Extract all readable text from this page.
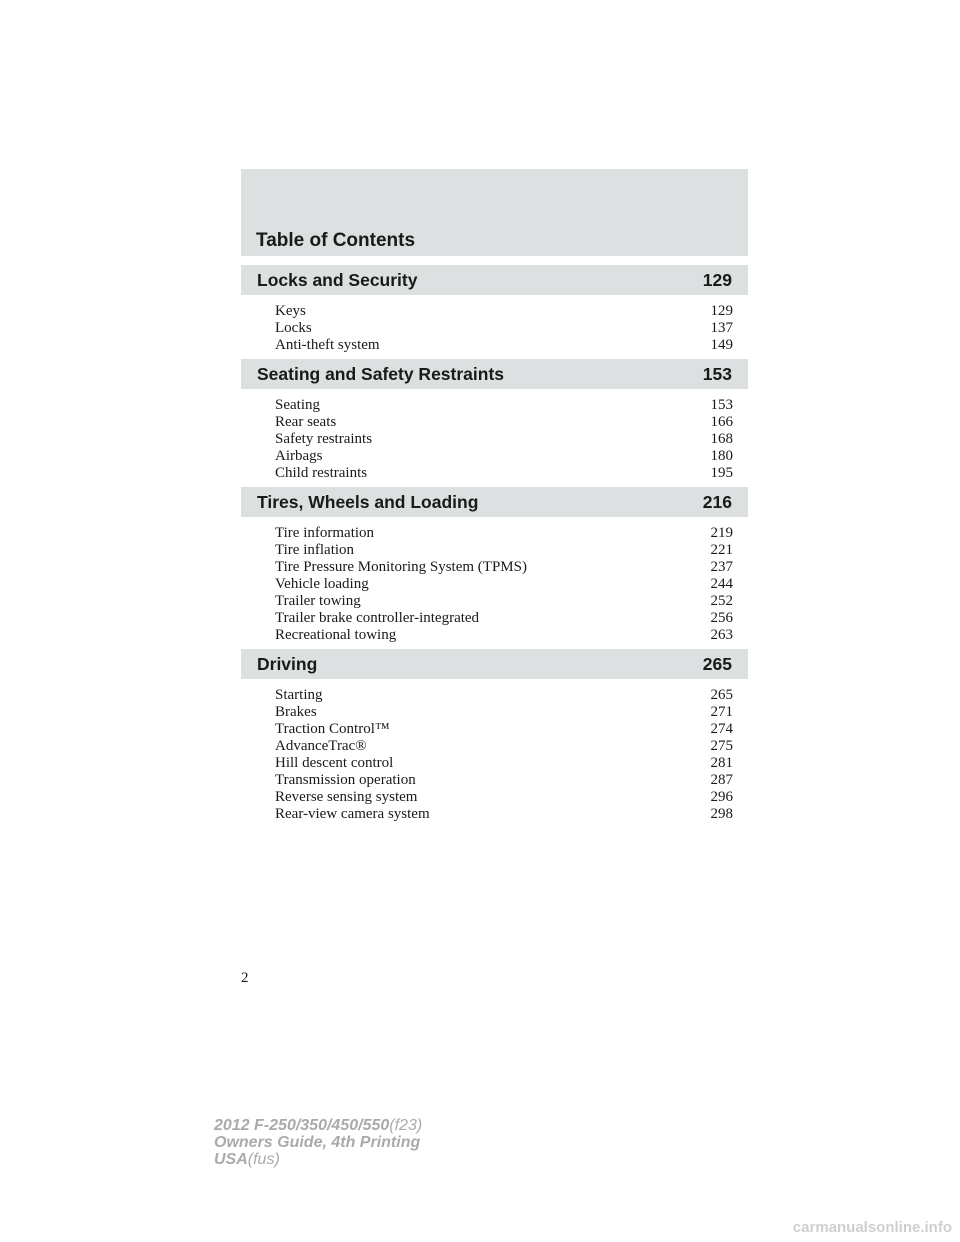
Table of Contents
Locks and Security	129
Keys	129
Locks	137
Anti-theft system	149
Seating and Safety Restraints	153
Seating	153
Rear seats	166
Safety restraints	168
Airbags	180
Child restraints	195
Tires, Wheels and Loading	216
Tire information	219
Tire inflation	221
Tire Pressure Monitoring System (TPMS)	237
Vehicle loading	244
Trailer towing	252
Trailer brake controller-integrated	256
Recreational towing	263
Driving	265
Starting	265
Brakes	271
Traction Control™	274
AdvanceTrac®	275
Hill descent control	281
Transmission operation	287
Reverse sensing system	296
Rear-view camera system	298
2
2012 F-250/350/450/550(f23)
Owners Guide, 4th Printing
USA(fus)
carmanualsonline.info
